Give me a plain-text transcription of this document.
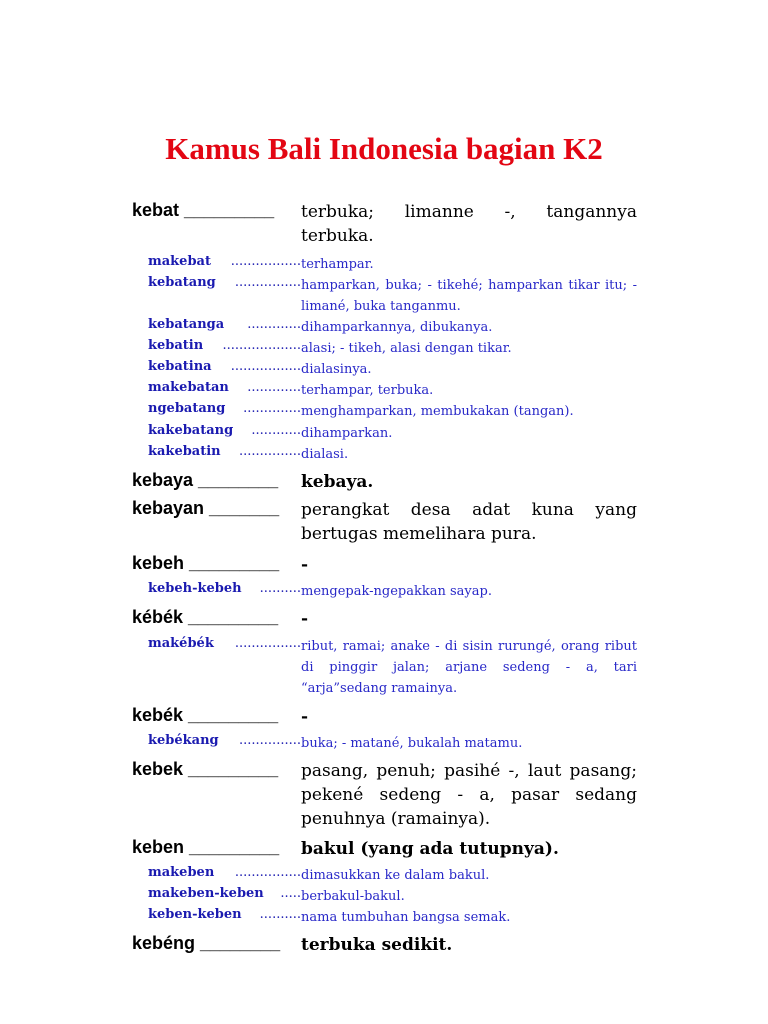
Kamus Bali Indonesia bagian K2
kebat _________ terbuka; limanne -, tangannya terbuka.
makebat ................. terhampar.
kebatang ................ hamparkan, buka; - tikehé; hamparkan tikar itu; - limané, buka tanganmu.
kebatanga ............. dihamparkannya, dibukanya.
kebatin ................... alasi; - tikeh, alasi dengan tikar.
kebatina ................. dialasinya.
makebatan ............. terhampar, terbuka.
ngebatang .............. menghamparkan, membukakan (tangan).
kakebatang ............ dihamparkan.
kakebatin ............... dialasi.
kebaya ________ kebaya.
kebayan _______ perangkat desa adat kuna yang bertugas memelihara pura.
kebeh _________ -
kebeh-kebeh .......... mengepak-ngepakkan sayap.
kébék _________ -
makébék ................ ribut, ramai; anake - di sisin rurungé, orang ribut di pinggir jalan; arjane sedeng - a, tari “arja”sedang ramainya.
kebék _________ -
kebékang ............... buka; - matané, bukalah matamu.
kebek _________ pasang, penuh; pasihé -, laut pasang; pekené sedeng - a, pasar sedang penuhnya (ramainya).
keben _________ bakul (yang ada tutupnya).
makeben ................ dimasukkan ke dalam bakul.
makeben-keben ..... berbakul-bakul.
keben-keben .......... nama tumbuhan bangsa semak.
kebéng ________ terbuka sedikit.
